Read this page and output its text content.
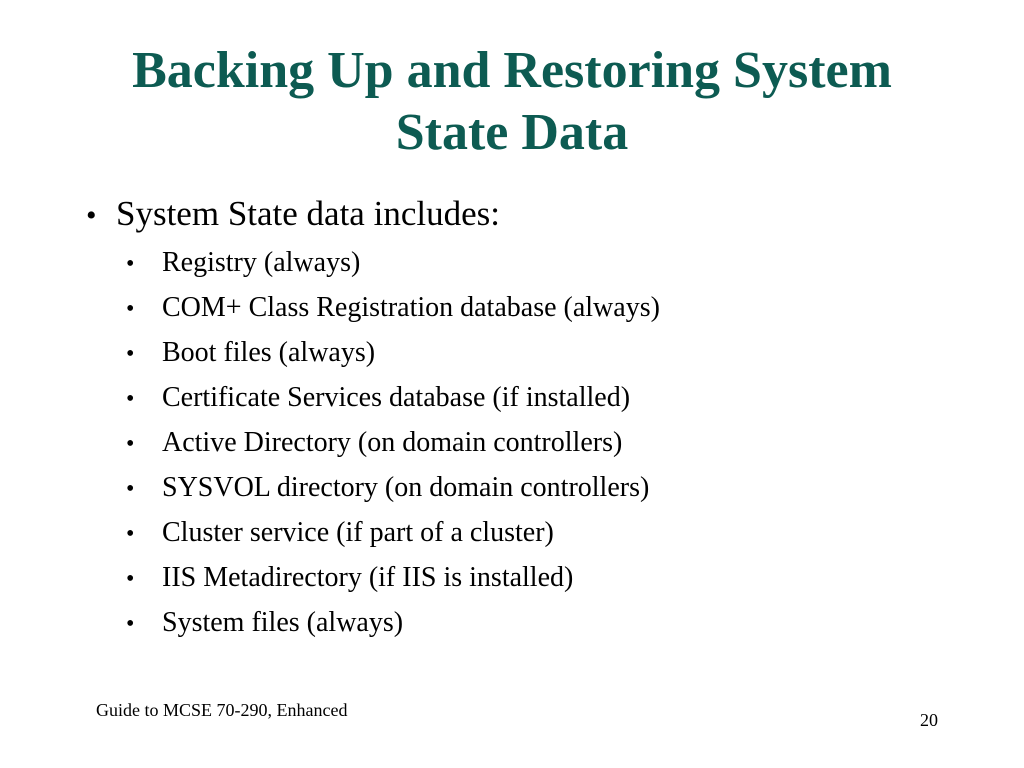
Backing Up and Restoring System
State Data
• System State data includes:
• Registry (always)
• COM+ Class Registration database (always)
• Boot files (always)
• Certificate Services database (if installed)
• Active Directory (on domain controllers)
• SYSVOL directory (on domain controllers)
• Cluster service (if part of a cluster)
• IIS Metadirectory (if IIS is installed)
• System files (always)
Guide to MCSE 70-290, Enhanced	20
